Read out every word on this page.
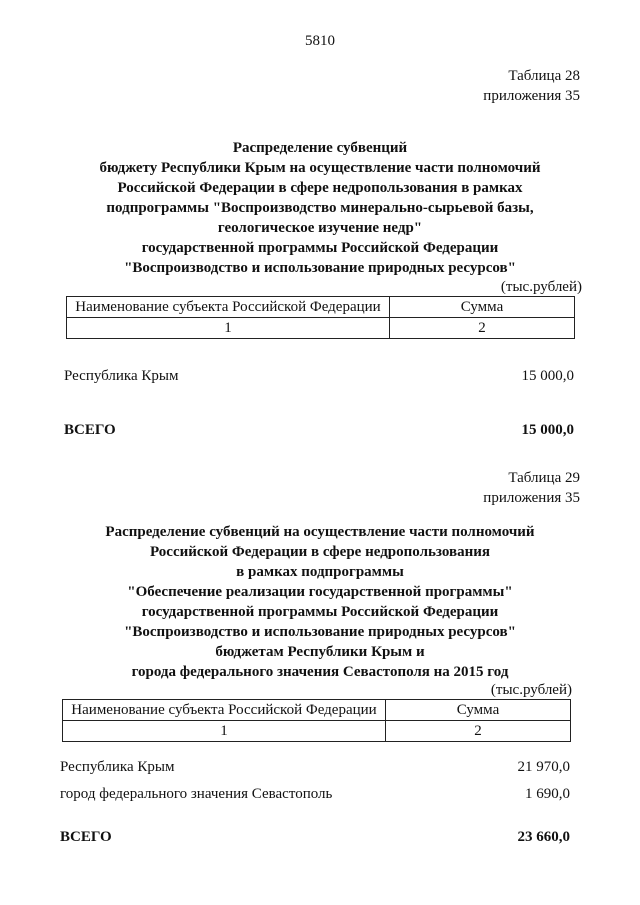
5810
Таблица 28
приложения 35
Распределение субвенций
бюджету Республики Крым на осуществление части полномочий
Российской Федерации в сфере недропользования в рамках
подпрограммы "Воспроизводство минерально-сырьевой базы,
геологическое изучение недр"
государственной программы Российской Федерации
"Воспроизводство и использование природных ресурсов"
(тыс.рублей)
Наименование субъекта Российской Федерации	Сумма
1	2
Республика Крым	15 000,0
ВСЕГО	15 000,0
Таблица 29
приложения 35
Распределение субвенций на осуществление части полномочий
Российской Федерации в сфере недропользования
в рамках подпрограммы
"Обеспечение реализации государственной программы"
государственной программы Российской Федерации
"Воспроизводство и использование природных ресурсов"
бюджетам Республики Крым и
города федерального значения Севастополя на 2015 год
(тыс.рублей)
Наименование субъекта Российской Федерации	Сумма
1	2
Республика Крым	21 970,0
город федерального значения Севастополь	1 690,0
ВСЕГО	23 660,0
